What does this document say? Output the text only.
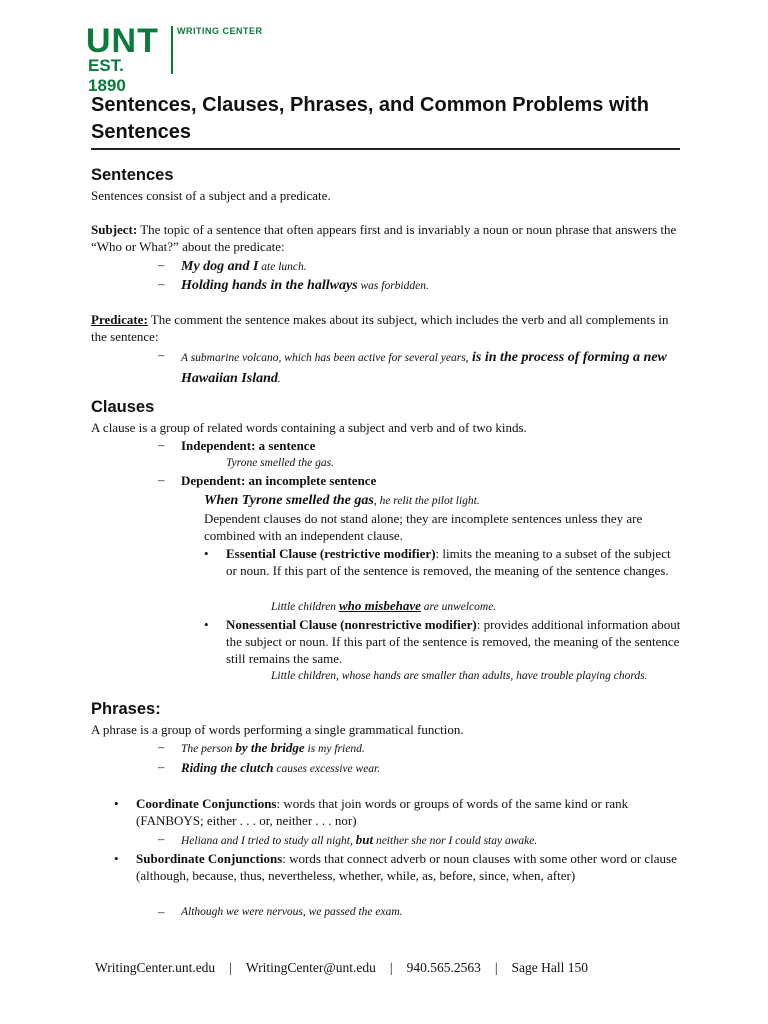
UNT
EST. 1890
WRITING CENTER
Sentences, Clauses, Phrases, and Common Problems with Sentences
Sentences
Sentences consist of a subject and a predicate.
Subject: The topic of a sentence that often appears first and is invariably a noun or noun phrase that answers the “Who or What?” about the predicate:
– My dog and I ate lunch.
– Holding hands in the hallways was forbidden.
Predicate: The comment the sentence makes about its subject, which includes the verb and all complements in the sentence:
– A submarine volcano, which has been active for several years, is in the process of forming a new Hawaiian Island.
Clauses
A clause is a group of related words containing a subject and verb and of two kinds.
– Independent: a sentence
Tyrone smelled the gas.
– Dependent: an incomplete sentence
When Tyrone smelled the gas, he relit the pilot light.
Dependent clauses do not stand alone; they are incomplete sentences unless they are combined with an independent clause.
• Essential Clause (restrictive modifier): limits the meaning to a subset of the subject or noun. If this part of the sentence is removed, the meaning of the sentence changes.
Little children who misbehave are unwelcome.
• Nonessential Clause (nonrestrictive modifier): provides additional information about the subject or noun. If this part of the sentence is removed, the meaning of the sentence still remains the same.
Little children, whose hands are smaller than adults, have trouble playing chords.
Phrases:
A phrase is a group of words performing a single grammatical function.
– The person by the bridge is my friend.
– Riding the clutch causes excessive wear.
• Coordinate Conjunctions: words that join words or groups of words of the same kind or rank (FANBOYS; either . . . or, neither . . . nor)
– Heliana and I tried to study all night, but neither she nor I could stay awake.
• Subordinate Conjunctions: words that connect adverb or noun clauses with some other word or clause (although, because, thus, nevertheless, whether, while, as, before, since, when, after)
– Although we were nervous, we passed the exam.
WritingCenter.unt.edu | WritingCenter@unt.edu | 940.565.2563 | Sage Hall 150
